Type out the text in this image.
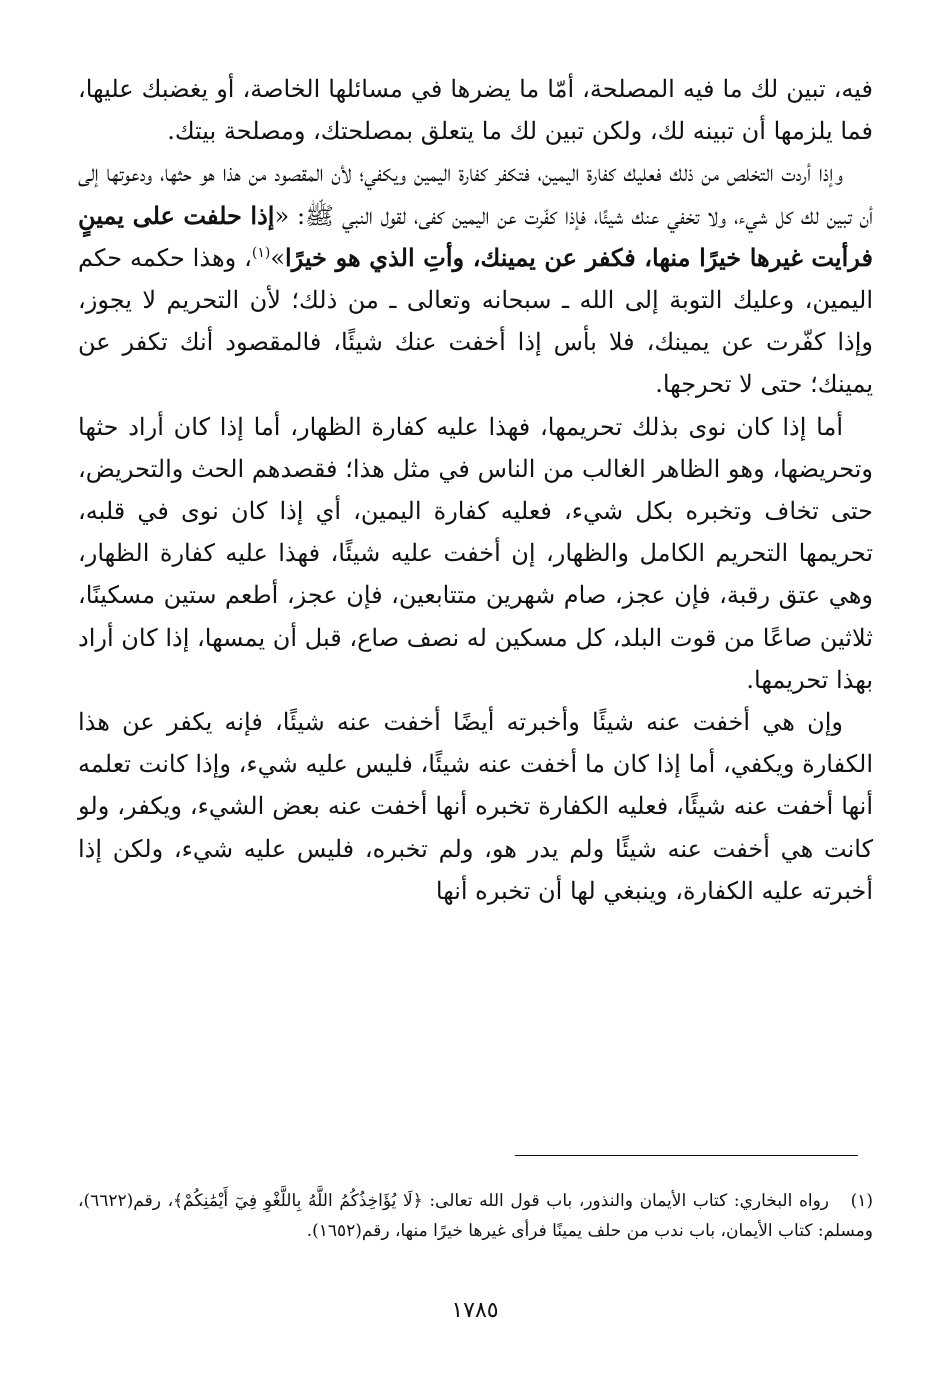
فيه، تبين لك ما فيه المصلحة، أمّا ما يضرها في مسائلها الخاصة، أو يغضبك عليها، فما يلزمها أن تبينه لك، ولكن تبين لك ما يتعلق بمصلحتك، ومصلحة بيتك.

وإذا أردت التخلص من ذلك فعليك كفارة اليمين، فتكفر كفارة اليمين ويكفي؛ لأن المقصود من هذا هو حثها، ودعوتها إلى أن تبين لك كل شيء، ولا تخفي عنك شيئًا، فإذا كفّرت عن اليمين كفى، لقول النبي ﷺ: «إذا حلفت على يمينٍ فرأيت غيرها خيرًا منها، فكفر عن يمينك، وأتِ الذي هو خيرًا»$^{(١)}$، وهذا حكمه حكم اليمين، وعليك التوبة إلى الله ـ سبحانه وتعالى ـ من ذلك؛ لأن التحريم لا يجوز، وإذا كفّرت عن يمينك، فلا بأس إذا أخفت عنك شيئًا، فالمقصود أنك تكفر عن يمينك؛ حتى لا تحرجها.

أما إذا كان نوى بذلك تحريمها، فهذا عليه كفارة الظهار، أما إذا كان أراد حثها وتحريضها، وهو الظاهر الغالب من الناس في مثل هذا؛ فقصدهم الحث والتحريض، حتى تخاف وتخبره بكل شيء، فعليه كفارة اليمين، أي إذا كان نوى في قلبه، تحريمها التحريم الكامل والظهار، إن أخفت عليه شيئًا، فهذا عليه كفارة الظهار، وهي عتق رقبة، فإن عجز، صام شهرين متتابعين، فإن عجز، أطعم ستين مسكينًا، ثلاثين صاعًا من قوت البلد، كل مسكين له نصف صاع، قبل أن يمسها، إذا كان أراد بهذا تحريمها.

وإن هي أخفت عنه شيئًا وأخبرته أيضًا أخفت عنه شيئًا، فإنه يكفر عن هذا الكفارة ويكفي، أما إذا كان ما أخفت عنه شيئًا، فليس عليه شيء، وإذا كانت تعلمه أنها أخفت عنه شيئًا، فعليه الكفارة تخبره أنها أخفت عنه بعض الشيء، ويكفر، ولو كانت هي أخفت عنه شيئًا ولم يدر هو، ولم تخبره، فليس عليه شيء، ولكن إذا أخبرته عليه الكفارة، وينبغي لها أن تخبره أنها

(١)رواه البخاري: كتاب الأيمان والنذور، باب قول الله تعالى: ﴿لَا يُؤَاخِذُكُمُ اللَّهُ بِاللَّغْوِ فِيٓ أَيْمَٰنِكُمْ﴾، رقم(٦٦٢٢)، ومسلم: كتاب الأيمان، باب ندب من حلف يمينًا فرأى غيرها خيرًا منها، رقم(١٦٥٢).
١٧٨٥
